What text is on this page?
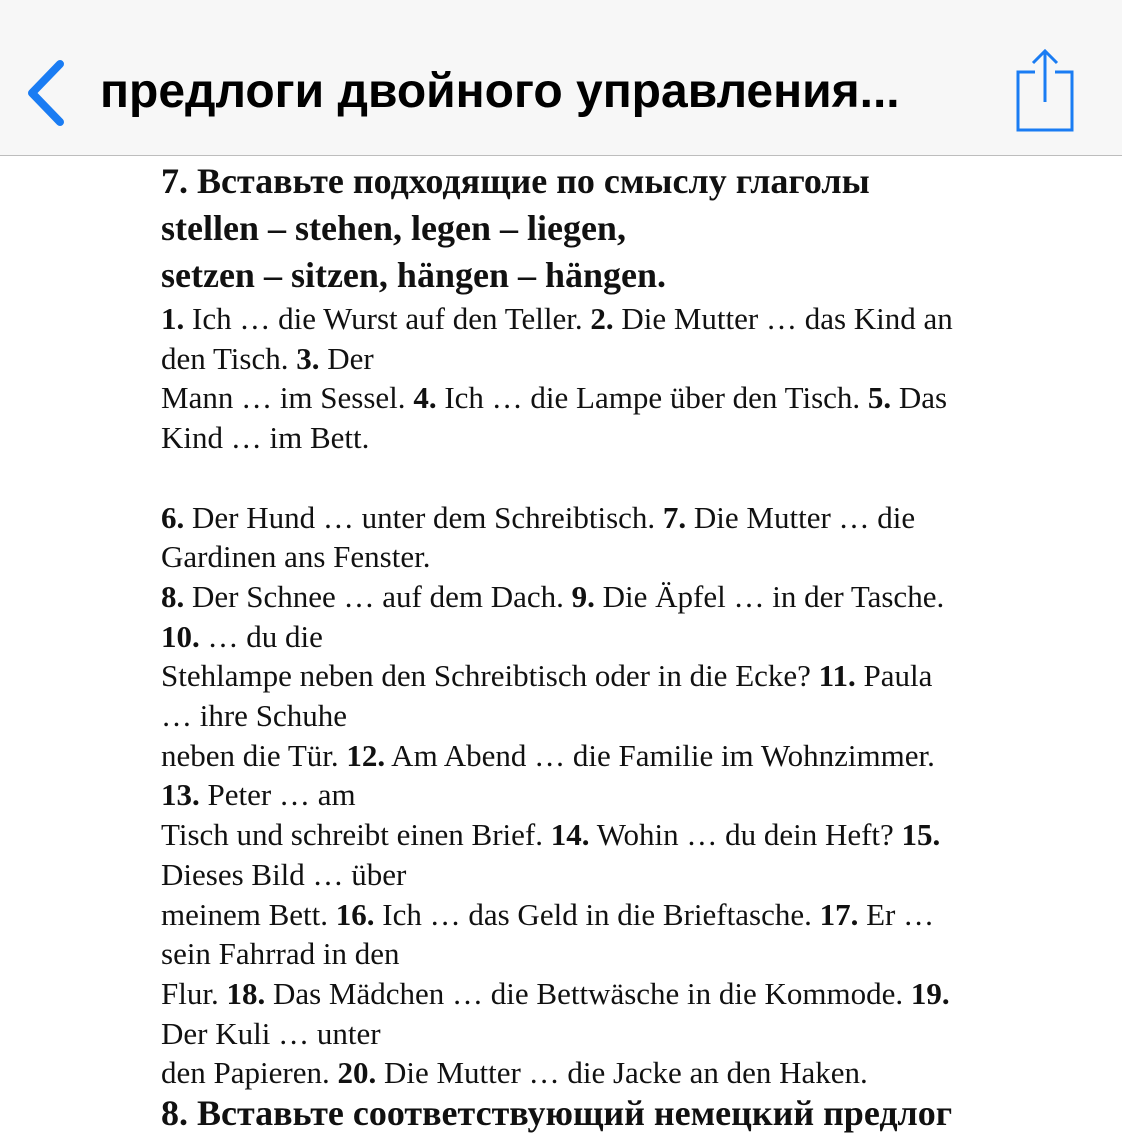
предлоги двойного управления...
7. Вставьте подходящие по смыслу глаголы
stellen – stehen, legen – liegen,
setzen – sitzen, hängen – hängen.
1. Ich … die Wurst auf den Teller. 2. Die Mutter … das Kind an
den Tisch. 3. Der
Mann … im Sessel. 4. Ich … die Lampe über den Tisch. 5. Das
Kind … im Bett.
6. Der Hund … unter dem Schreibtisch. 7. Die Mutter … die
Gardinen ans Fenster.
8. Der Schnee … auf dem Dach. 9. Die Äpfel … in der Tasche.
10. … du die
Stehlampe neben den Schreibtisch oder in die Ecke? 11. Paula
… ihre Schuhe
neben die Tür. 12. Am Abend … die Familie im Wohnzimmer.
13. Peter … am
Tisch und schreibt einen Brief. 14. Wohin … du dein Heft? 15.
Dieses Bild … über
meinem Bett. 16. Ich … das Geld in die Brieftasche. 17. Er …
sein Fahrrad in den
Flur. 18. Das Mädchen … die Bettwäsche in die Kommode. 19.
Der Kuli … unter
den Papieren. 20. Die Mutter … die Jacke an den Haken.
8. Вставьте соответствующий немецкий предлог
